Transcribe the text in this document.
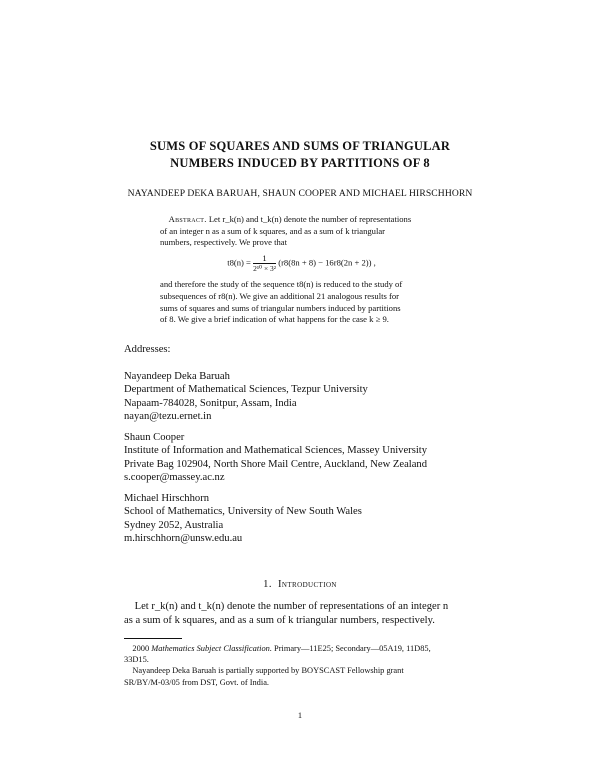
SUMS OF SQUARES AND SUMS OF TRIANGULAR
NUMBERS INDUCED BY PARTITIONS OF 8
NAYANDEEP DEKA BARUAH, SHAUN COOPER AND MICHAEL HIRSCHHORN
Abstract. Let r_k(n) and t_k(n) denote the number of representations
of an integer n as a sum of k squares, and as a sum of k triangular
numbers, respectively. We prove that
$t8(n) = \frac{1}{\text{2¹⁰ × 3²}} (r8(8n + 8) - 16r8(2n + 2))$ ,
and therefore the study of the sequence t8(n) is reduced to the study of
subsequences of r8(n). We give an additional 21 analogous results for
sums of squares and sums of triangular numbers induced by partitions
of 8. We give a brief indication of what happens for the case k ≥ 9.
Addresses:
Nayandeep Deka Baruah
Department of Mathematical Sciences, Tezpur University
Napaam-784028, Sonitpur, Assam, India
nayan@tezu.ernet.in
Shaun Cooper
Institute of Information and Mathematical Sciences, Massey University
Private Bag 102904, North Shore Mail Centre, Auckland, New Zealand
s.cooper@massey.ac.nz
Michael Hirschhorn
School of Mathematics, University of New South Wales
Sydney 2052, Australia
m.hirschhorn@unsw.edu.au
1. Introduction
Let r_k(n) and t_k(n) denote the number of representations of an integer n
as a sum of k squares, and as a sum of k triangular numbers, respectively.
2000 Mathematics Subject Classification. Primary—11E25; Secondary—05A19, 11D85,
33D15.
Nayandeep Deka Baruah is partially supported by BOYSCAST Fellowship grant
SR/BY/M-03/05 from DST, Govt. of India.
1
